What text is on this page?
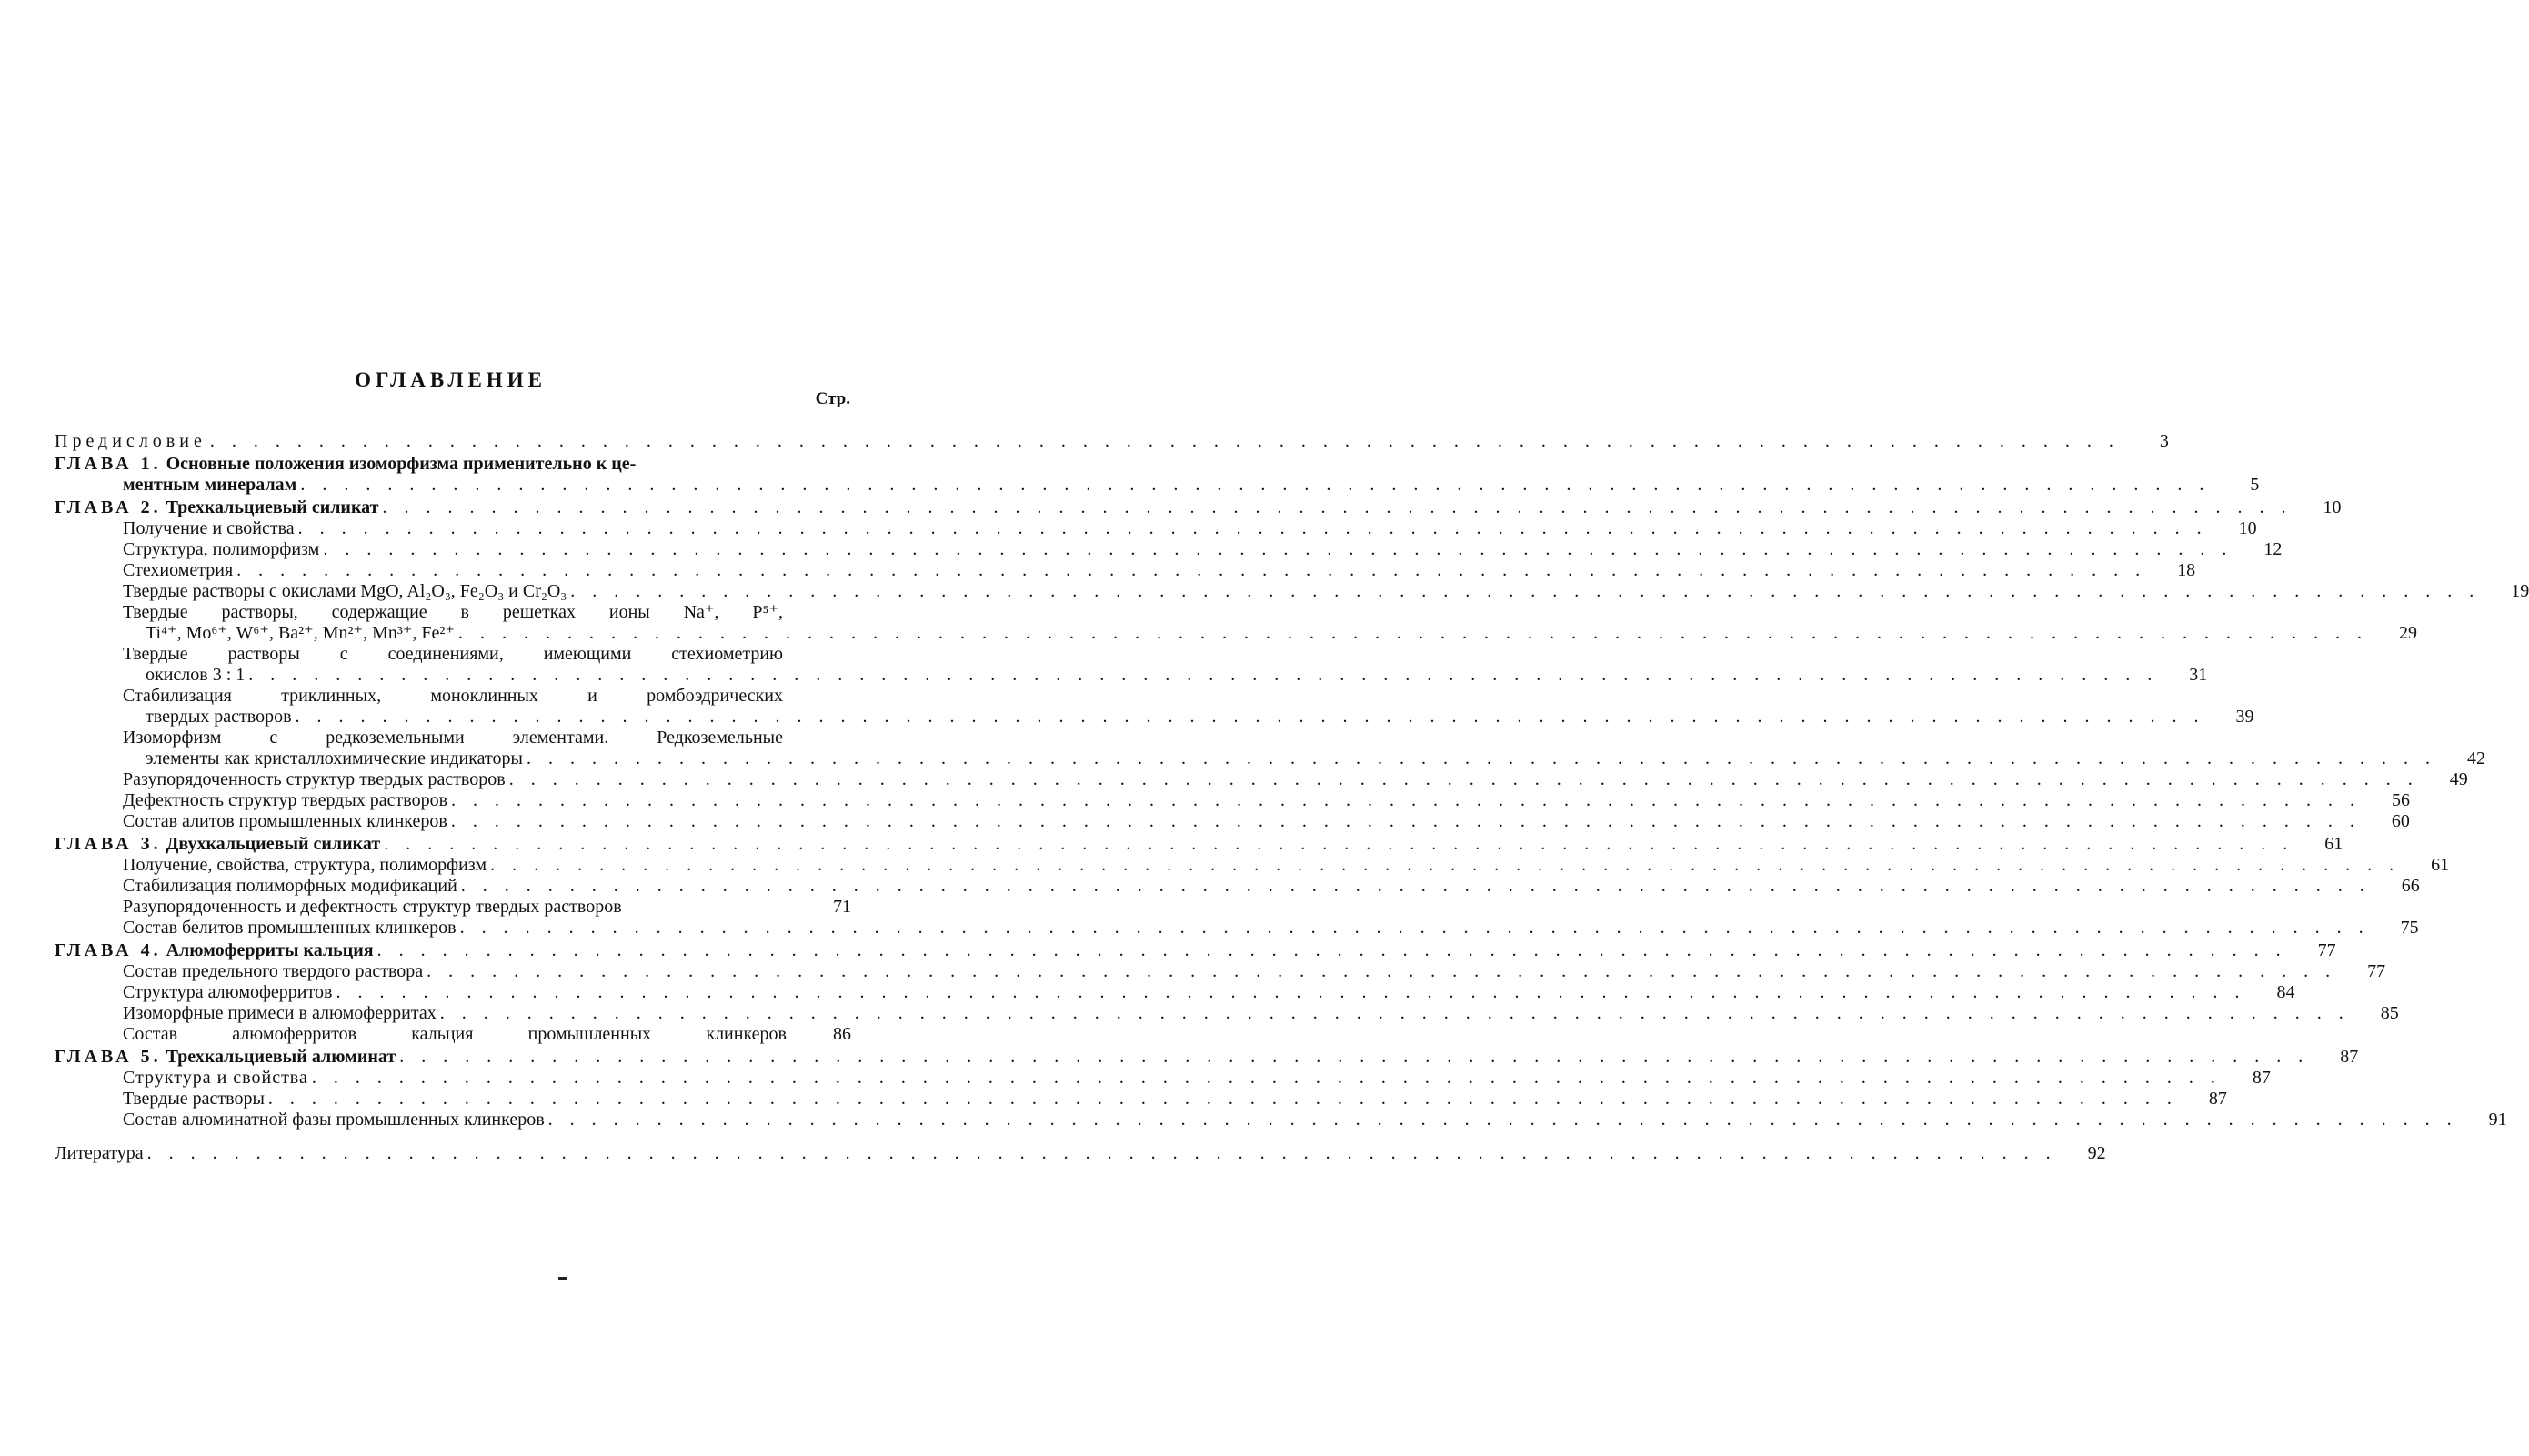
ОГЛАВЛЕНИЕ
Стр.
Предисловие . . .	3
ГЛАВА 1. Основные положения изоморфизма применительно к це-
ментным минералам . . .	5
ГЛАВА 2. Трехкальциевый силикат . . .	10
Получение и свойства . . .	10
Структура, полиморфизм . . .	12
Стехиометрия . . .	18
Твердые растворы с окислами MgO, Al₂O₃, Fe₂O₃ и Cr₂O₃ . . .	19
Твердые растворы, содержащие в решетках ионы Na⁺, P⁵⁺,
Ti⁴⁺, Mo⁶⁺, W⁶⁺, Ba²⁺, Mn²⁺, Mn³⁺, Fe²⁺ . . .	29
Твердые растворы с соединениями, имеющими стехиометрию
окислов 3 : 1 . . .	31
Стабилизация триклинных, моноклинных и ромбоэдрических
твердых растворов . . .	39
Изоморфизм с редкоземельными элементами. Редкоземельные
элементы как кристаллохимические индикаторы . . .	42
Разупорядоченность структур твердых растворов . . .	49
Дефектность структур твердых растворов . . .	56
Состав алитов промышленных клинкеров . . .	60
ГЛАВА 3. Двухкальциевый силикат . . .	61
Получение, свойства, структура, полиморфизм . . .	61
Стабилизация полиморфных модификаций . . .	66
Разупорядоченность и дефектность структур твердых растворов	71
Состав белитов промышленных клинкеров . . .	75
ГЛАВА 4. Алюмоферриты кальция . . .	77
Состав предельного твердого раствора . . .	77
Структура алюмоферритов . . .	84
Изоморфные примеси в алюмоферритах . . .	85
Состав алюмоферритов кальция промышленных клинкеров	86
ГЛАВА 5. Трехкальциевый алюминат . . .	87
Структура и свойства . . .	87
Твердые растворы . . .	87
Состав алюминатной фазы промышленных клинкеров . . .	91
Литература . . .	92
